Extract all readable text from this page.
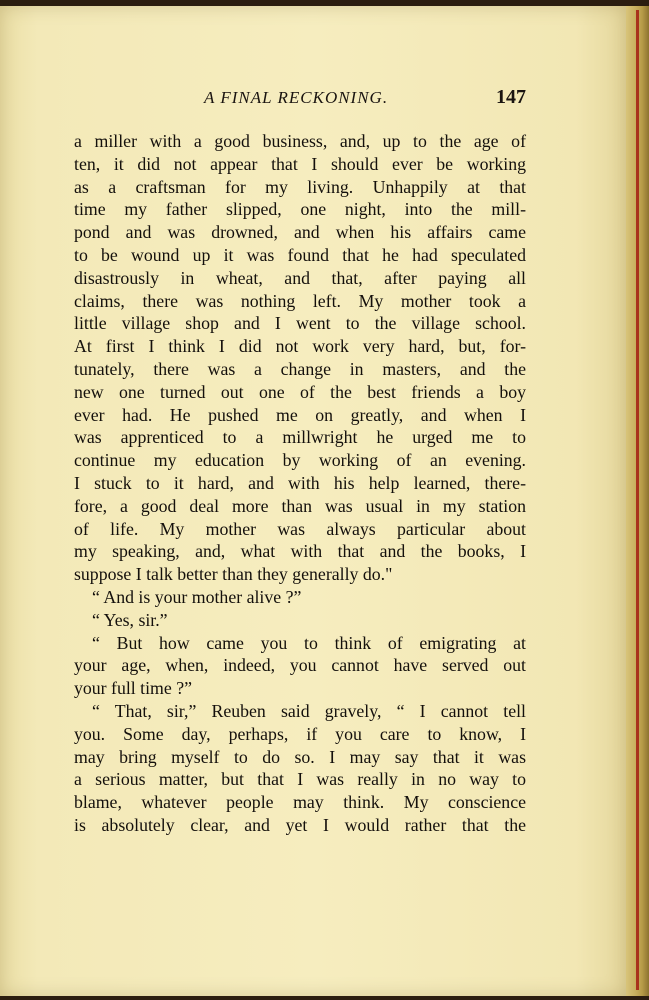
A FINAL RECKONING.	147
a miller with a good business, and, up to the age of
ten, it did not appear that I should ever be working
as a craftsman for my living. Unhappily at that
time my father slipped, one night, into the mill-
pond and was drowned, and when his affairs came
to be wound up it was found that he had speculated
disastrously in wheat, and that, after paying all
claims, there was nothing left. My mother took a
little village shop and I went to the village school.
At first I think I did not work very hard, but, for-
tunately, there was a change in masters, and the
new one turned out one of the best friends a boy
ever had. He pushed me on greatly, and when I
was apprenticed to a millwright he urged me to
continue my education by working of an evening.
I stuck to it hard, and with his help learned, there-
fore, a good deal more than was usual in my station
of life. My mother was always particular about
my speaking, and, what with that and the books, I
suppose I talk better than they generally do."
“ And is your mother alive ?”
“ Yes, sir.”
“ But how came you to think of emigrating at
your age, when, indeed, you cannot have served out
your full time ?”
“ That, sir,” Reuben said gravely, “ I cannot tell
you. Some day, perhaps, if you care to know, I
may bring myself to do so. I may say that it was
a serious matter, but that I was really in no way to
blame, whatever people may think. My conscience
is absolutely clear, and yet I would rather that the
